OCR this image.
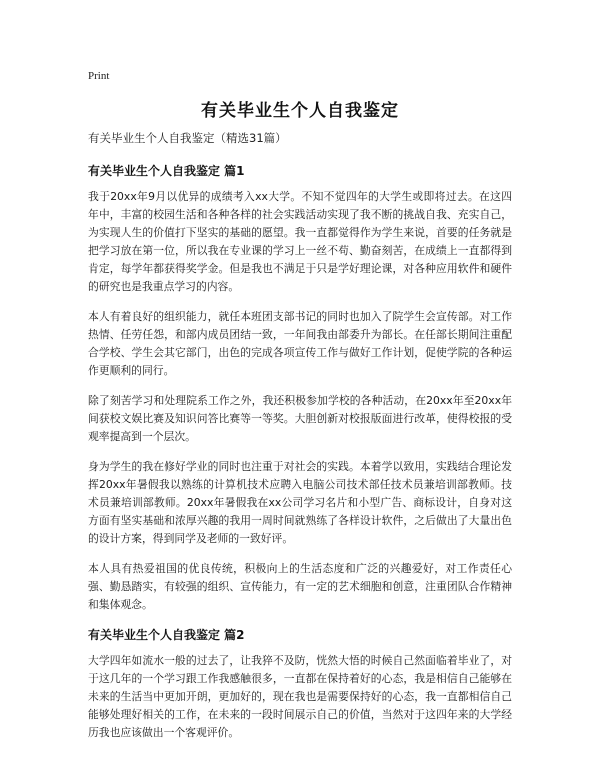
Print
有关毕业生个人自我鉴定
有关毕业生个人自我鉴定（精选31篇）
有关毕业生个人自我鉴定 篇1

我于20xx年9月以优异的成绩考入xx大学。不知不觉四年的大学生或即将过去。在这四年中，丰富的校园生活和各种各样的社会实践活动实现了我不断的挑战自我、充实自己，为实现人生的价值打下坚实的基础的愿望。我一直都觉得作为学生来说，首要的任务就是把学习放在第一位，所以我在专业课的学习上一丝不苟、勤奋刻苦，在成绩上一直都得到肯定，每学年都获得奖学金。但是我也不满足于只是学好理论课，对各种应用软件和硬件的研究也是我重点学习的内容。

本人有着良好的组织能力，就任本班团支部书记的同时也加入了院学生会宣传部。对工作热情、任劳任怨，和部内成员团结一致，一年间我由部委升为部长。在任部长期间注重配合学校、学生会其它部门，出色的完成各项宣传工作与做好工作计划，促使学院的各种运作更顺利的同行。

除了刻苦学习和处理院系工作之外，我还积极参加学校的各种活动，在20xx年至20xx年间获校文娱比赛及知识问答比赛等一等奖。大胆创新对校报版面进行改革，使得校报的受观率提高到一个层次。

身为学生的我在修好学业的同时也注重于对社会的实践。本着学以致用，实践结合理论发挥20xx年暑假我以熟练的计算机技术应聘入电脑公司技术部任技术员兼培训部教师。技术员兼培训部教师。20xx年暑假我在xx公司学习名片和小型广告、商标设计，自身对这方面有坚实基础和浓厚兴趣的我用一周时间就熟练了各样设计软件，之后做出了大量出色的设计方案，得到同学及老师的一致好评。

本人具有热爱祖国的优良传统，积极向上的生活态度和广泛的兴趣爱好，对工作责任心强、勤恳踏实，有较强的组织、宣传能力，有一定的艺术细胞和创意，注重团队合作精神和集体观念。

有关毕业生个人自我鉴定 篇2

大学四年如流水一般的过去了，让我猝不及防，恍然大悟的时候自己然面临着毕业了，对于这几年的一个学习跟工作我感触很多，一直都在保持着好的心态，我是相信自己能够在未来的生活当中更加开朗，更加好的，现在我也是需要保持好的心态，我一直都相信自己能够处理好相关的工作，在未来的一段时间展示自己的价值，当然对于这四年来的大学经历我也应该做出一个客观评价。
